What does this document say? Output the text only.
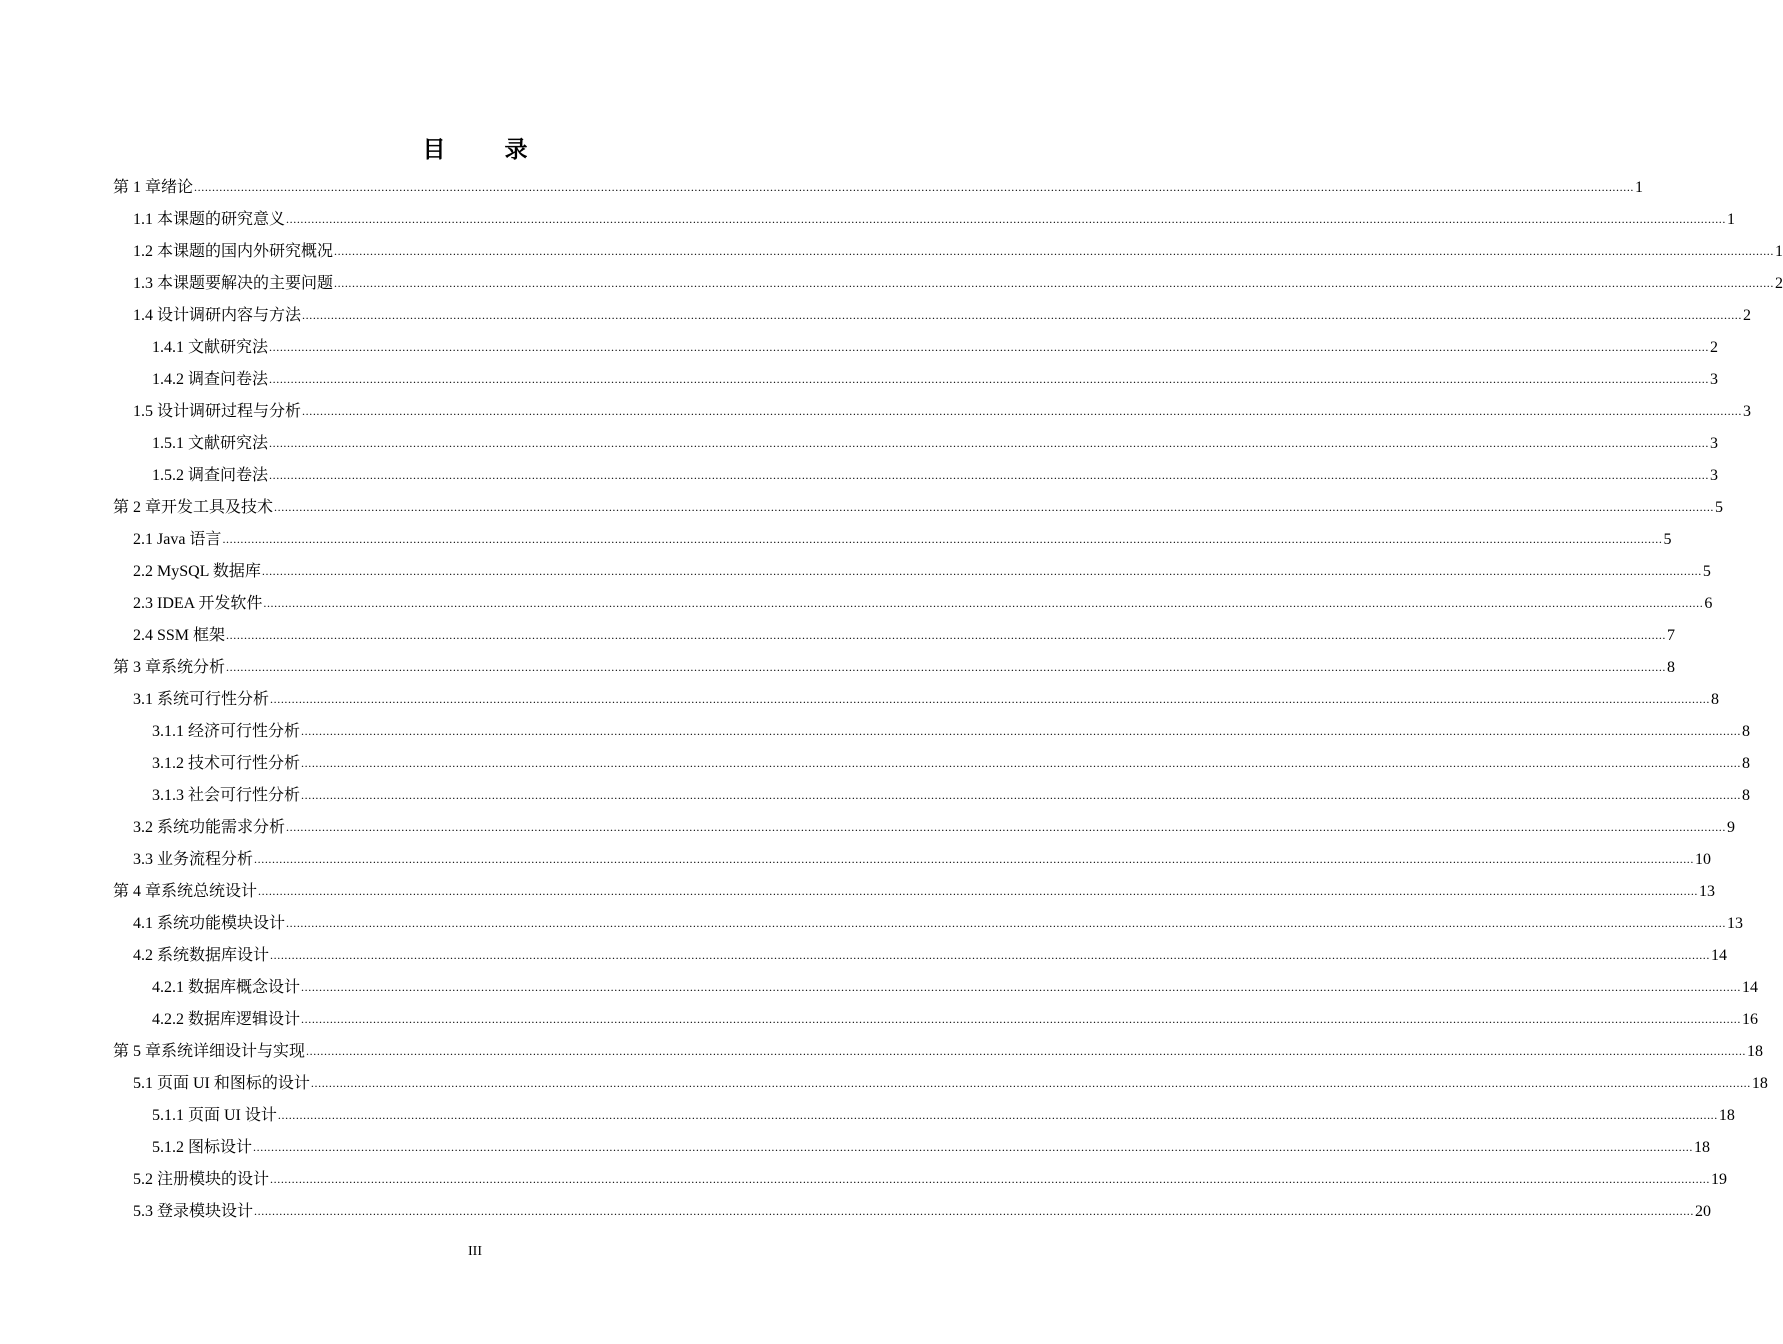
目　录
第 1 章 绪论 ................................................................................................................................................................................................................................................................................................................................................................................................................ 1
1.1 本课题的研究意义 ................................................................................................................................................................................................................................................................................................................................................................................................................ 1
1.2 本课题的国内外研究概况 ................................................................................................................................................................................................................................................................................................................................................................................................................ 1
1.3 本课题要解决的主要问题 ................................................................................................................................................................................................................................................................................................................................................................................................................ 2
1.4 设计调研内容与方法 ................................................................................................................................................................................................................................................................................................................................................................................................................ 2
1.4.1 文献研究法 ................................................................................................................................................................................................................................................................................................................................................................................................................ 2
1.4.2 调查问卷法 ................................................................................................................................................................................................................................................................................................................................................................................................................ 3
1.5 设计调研过程与分析 ................................................................................................................................................................................................................................................................................................................................................................................................................ 3
1.5.1 文献研究法 ................................................................................................................................................................................................................................................................................................................................................................................................................ 3
1.5.2 调查问卷法 ................................................................................................................................................................................................................................................................................................................................................................................................................ 3
第 2 章 开发工具及技术 ................................................................................................................................................................................................................................................................................................................................................................................................................ 5
2.1 Java 语言 ................................................................................................................................................................................................................................................................................................................................................................................................................ 5
2.2 MySQL 数据库 ................................................................................................................................................................................................................................................................................................................................................................................................................ 5
2.3 IDEA 开发软件 ................................................................................................................................................................................................................................................................................................................................................................................................................ 6
2.4 SSM 框架 ................................................................................................................................................................................................................................................................................................................................................................................................................ 7
第 3 章 系统分析 ................................................................................................................................................................................................................................................................................................................................................................................................................ 8
3.1 系统可行性分析 ................................................................................................................................................................................................................................................................................................................................................................................................................ 8
3.1.1 经济可行性分析 ................................................................................................................................................................................................................................................................................................................................................................................................................ 8
3.1.2 技术可行性分析 ................................................................................................................................................................................................................................................................................................................................................................................................................ 8
3.1.3 社会可行性分析 ................................................................................................................................................................................................................................................................................................................................................................................................................ 8
3.2 系统功能需求分析 ................................................................................................................................................................................................................................................................................................................................................................................................................ 9
3.3 业务流程分析 ................................................................................................................................................................................................................................................................................................................................................................................................................ 10
第 4 章 系统总统设计 ................................................................................................................................................................................................................................................................................................................................................................................................................ 13
4.1 系统功能模块设计 ................................................................................................................................................................................................................................................................................................................................................................................................................ 13
4.2 系统数据库设计 ................................................................................................................................................................................................................................................................................................................................................................................................................ 14
4.2.1 数据库概念设计 ................................................................................................................................................................................................................................................................................................................................................................................................................ 14
4.2.2 数据库逻辑设计 ................................................................................................................................................................................................................................................................................................................................................................................................................ 16
第 5 章 系统详细设计与实现 ................................................................................................................................................................................................................................................................................................................................................................................................................ 18
5.1 页面 UI 和图标的设计 ................................................................................................................................................................................................................................................................................................................................................................................................................ 18
5.1.1 页面 UI 设计 ................................................................................................................................................................................................................................................................................................................................................................................................................ 18
5.1.2 图标设计 ................................................................................................................................................................................................................................................................................................................................................................................................................ 18
5.2 注册模块的设计 ................................................................................................................................................................................................................................................................................................................................................................................................................ 19
5.3 登录模块设计 ................................................................................................................................................................................................................................................................................................................................................................................................................ 20
III
